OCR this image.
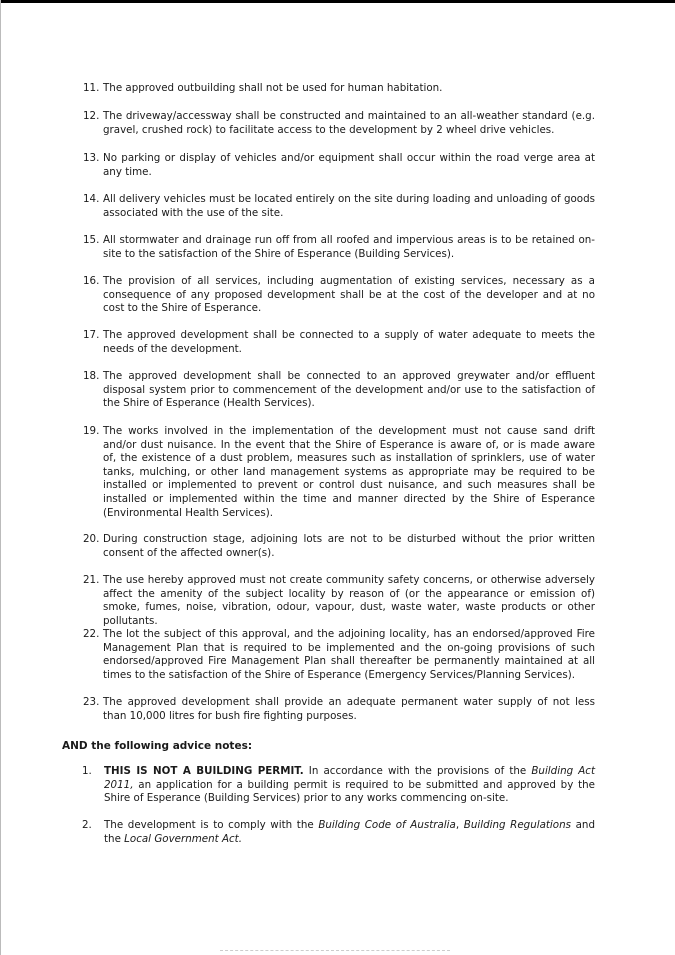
11. The approved outbuilding shall not be used for human habitation.
12. The driveway/accessway shall be constructed and maintained to an all-weather standard (e.g. gravel, crushed rock) to facilitate access to the development by 2 wheel drive vehicles.
13. No parking or display of vehicles and/or equipment shall occur within the road verge area at any time.
14. All delivery vehicles must be located entirely on the site during loading and unloading of goods associated with the use of the site.
15. All stormwater and drainage run off from all roofed and impervious areas is to be retained on-site to the satisfaction of the Shire of Esperance (Building Services).
16. The provision of all services, including augmentation of existing services, necessary as a consequence of any proposed development shall be at the cost of the developer and at no cost to the Shire of Esperance.
17. The approved development shall be connected to a supply of water adequate to meets the needs of the development.
18. The approved development shall be connected to an approved greywater and/or effluent disposal system prior to commencement of the development and/or use to the satisfaction of the Shire of Esperance (Health Services).
19. The works involved in the implementation of the development must not cause sand drift and/or dust nuisance. In the event that the Shire of Esperance is aware of, or is made aware of, the existence of a dust problem, measures such as installation of sprinklers, use of water tanks, mulching, or other land management systems as appropriate may be required to be installed or implemented to prevent or control dust nuisance, and such measures shall be installed or implemented within the time and manner directed by the Shire of Esperance (Environmental Health Services).
20. During construction stage, adjoining lots are not to be disturbed without the prior written consent of the affected owner(s).
21. The use hereby approved must not create community safety concerns, or otherwise adversely affect the amenity of the subject locality by reason of (or the appearance or emission of) smoke, fumes, noise, vibration, odour, vapour, dust, waste water, waste products or other pollutants.
22. The lot the subject of this approval, and the adjoining locality, has an endorsed/approved Fire Management Plan that is required to be implemented and the on-going provisions of such endorsed/approved Fire Management Plan shall thereafter be permanently maintained at all times to the satisfaction of the Shire of Esperance (Emergency Services/Planning Services).
23. The approved development shall provide an adequate permanent water supply of not less than 10,000 litres for bush fire fighting purposes.
AND the following advice notes:
1.	THIS IS NOT A BUILDING PERMIT. In accordance with the provisions of the Building Act 2011, an application for a building permit is required to be submitted and approved by the Shire of Esperance (Building Services) prior to any works commencing on-site.
2.	The development is to comply with the Building Code of Australia, Building Regulations and the Local Government Act.
